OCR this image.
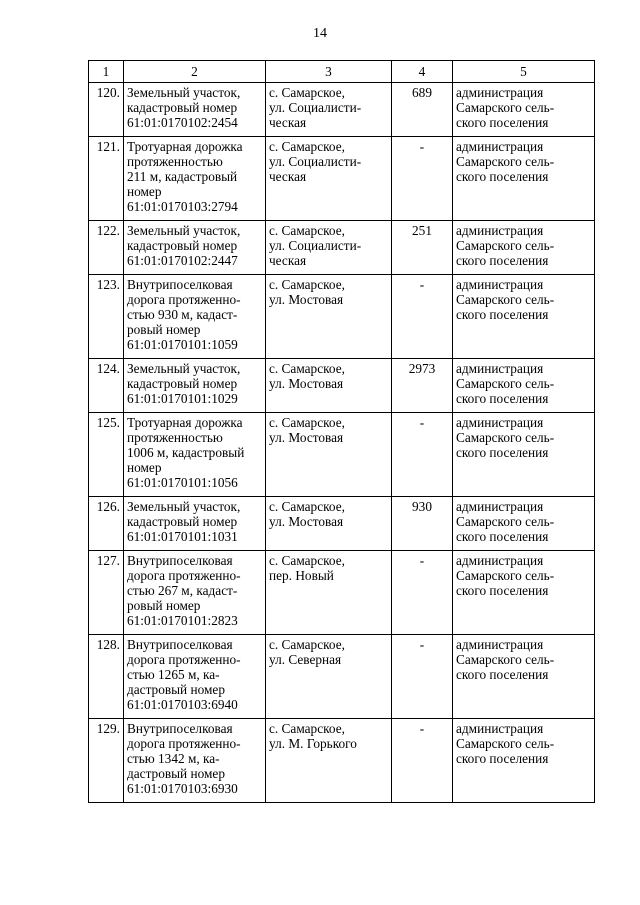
14
1	2	3	4	5
120.	Земельный участок,
кадастровый номер
61:01:0170102:2454	с. Самарское,
ул. Социалисти-
ческая	689	администрация
Самарского сель-
ского поселения

121.	Тротуарная дорожка
протяженностью
211 м, кадастровый
номер
61:01:0170103:2794	с. Самарское,
ул. Социалисти-
ческая	-	администрация
Самарского сель-
ского поселения

122.	Земельный участок,
кадастровый номер
61:01:0170102:2447	с. Самарское,
ул. Социалисти-
ческая	251	администрация
Самарского сель-
ского поселения

123.	Внутрипоселковая
дорога протяженно-
стью 930 м, кадаст-
ровый номер
61:01:0170101:1059	с. Самарское,
ул. Мостовая	-	администрация
Самарского сель-
ского поселения

124.	Земельный участок,
кадастровый номер
61:01:0170101:1029	с. Самарское,
ул. Мостовая	2973	администрация
Самарского сель-
ского поселения

125.	Тротуарная дорожка
протяженностью
1006 м, кадастровый
номер
61:01:0170101:1056	с. Самарское,
ул. Мостовая	-	администрация
Самарского сель-
ского поселения

126.	Земельный участок,
кадастровый номер
61:01:0170101:1031	с. Самарское,
ул. Мостовая	930	администрация
Самарского сель-
ского поселения

127.	Внутрипоселковая
дорога протяженно-
стью 267 м, кадаст-
ровый номер
61:01:0170101:2823	с. Самарское,
пер. Новый	-	администрация
Самарского сель-
ского поселения

128.	Внутрипоселковая
дорога протяженно-
стью 1265 м, ка-
дастровый номер
61:01:0170103:6940	с. Самарское,
ул. Северная	-	администрация
Самарского сель-
ского поселения

129.	Внутрипоселковая
дорога протяженно-
стью 1342 м, ка-
дастровый номер
61:01:0170103:6930	с. Самарское,
ул. М. Горького	-	администрация
Самарского сель-
ского поселения
